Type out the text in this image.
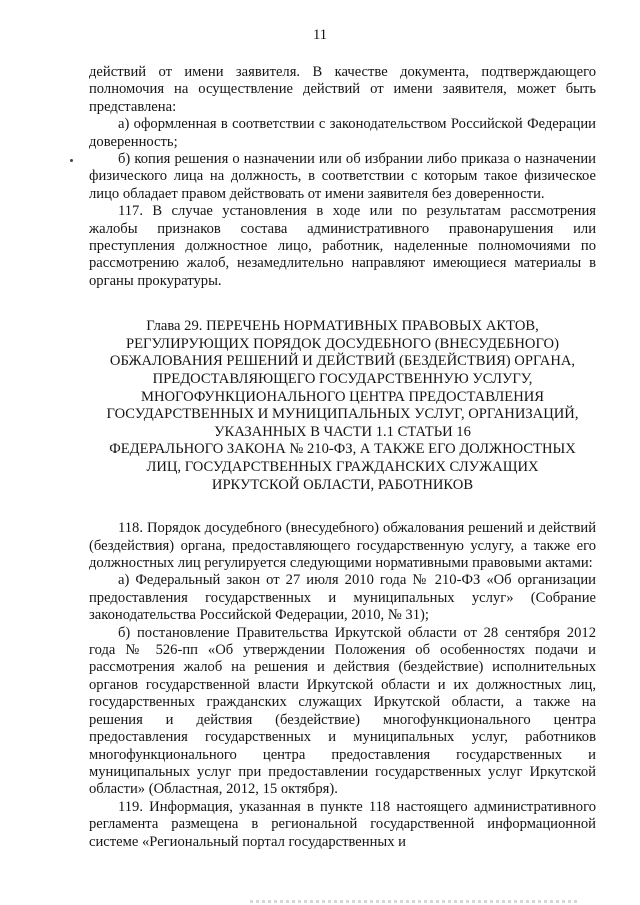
11

действий от имени заявителя. В качестве документа, подтверждающего полномочия на осуществление действий от имени заявителя, может быть представлена:

а) оформленная в соответствии с законодательством Российской Федерации доверенность;

б) копия решения о назначении или об избрании либо приказа о назначении физического лица на должность, в соответствии с которым такое физическое лицо обладает правом действовать от имени заявителя без доверенности.

117. В случае установления в ходе или по результатам рассмотрения жалобы признаков состава административного правонарушения или преступления должностное лицо, работник, наделенные полномочиями по рассмотрению жалоб, незамедлительно направляют имеющиеся материалы в органы прокуратуры.

Глава 29. ПЕРЕЧЕНЬ НОРМАТИВНЫХ ПРАВОВЫХ АКТОВ,

РЕГУЛИРУЮЩИХ ПОРЯДОК ДОСУДЕБНОГО (ВНЕСУДЕБНОГО)

ОБЖАЛОВАНИЯ РЕШЕНИЙ И ДЕЙСТВИЙ (БЕЗДЕЙСТВИЯ) ОРГАНА,

ПРЕДОСТАВЛЯЮЩЕГО ГОСУДАРСТВЕННУЮ УСЛУГУ,

МНОГОФУНКЦИОНАЛЬНОГО ЦЕНТРА ПРЕДОСТАВЛЕНИЯ

ГОСУДАРСТВЕННЫХ И МУНИЦИПАЛЬНЫХ УСЛУГ, ОРГАНИЗАЦИЙ,

УКАЗАННЫХ В ЧАСТИ 1.1 СТАТЬИ 16

ФЕДЕРАЛЬНОГО ЗАКОНА № 210-ФЗ, А ТАКЖЕ ЕГО ДОЛЖНОСТНЫХ

ЛИЦ, ГОСУДАРСТВЕННЫХ ГРАЖДАНСКИХ СЛУЖАЩИХ

ИРКУТСКОЙ ОБЛАСТИ, РАБОТНИКОВ

118. Порядок досудебного (внесудебного) обжалования решений и действий (бездействия) органа, предоставляющего государственную услугу, а также его должностных лиц регулируется следующими нормативными правовыми актами:

а) Федеральный закон от 27 июля 2010 года № 210-ФЗ «Об организации предоставления государственных и муниципальных услуг» (Собрание законодательства Российской Федерации, 2010, № 31);

б) постановление Правительства Иркутской области от 28 сентября 2012 года № 526-пп «Об утверждении Положения об особенностях подачи и рассмотрения жалоб на решения и действия (бездействие) исполнительных органов государственной власти Иркутской области и их должностных лиц, государственных гражданских служащих Иркутской области, а также на решения и действия (бездействие) многофункционального центра предоставления государственных и муниципальных услуг, работников многофункционального центра предоставления государственных и муниципальных услуг при предоставлении государственных услуг Иркутской области» (Областная, 2012, 15 октября).

119. Информация, указанная в пункте 118 настоящего административного регламента размещена в региональной государственной информационной системе «Региональный портал государственных и
